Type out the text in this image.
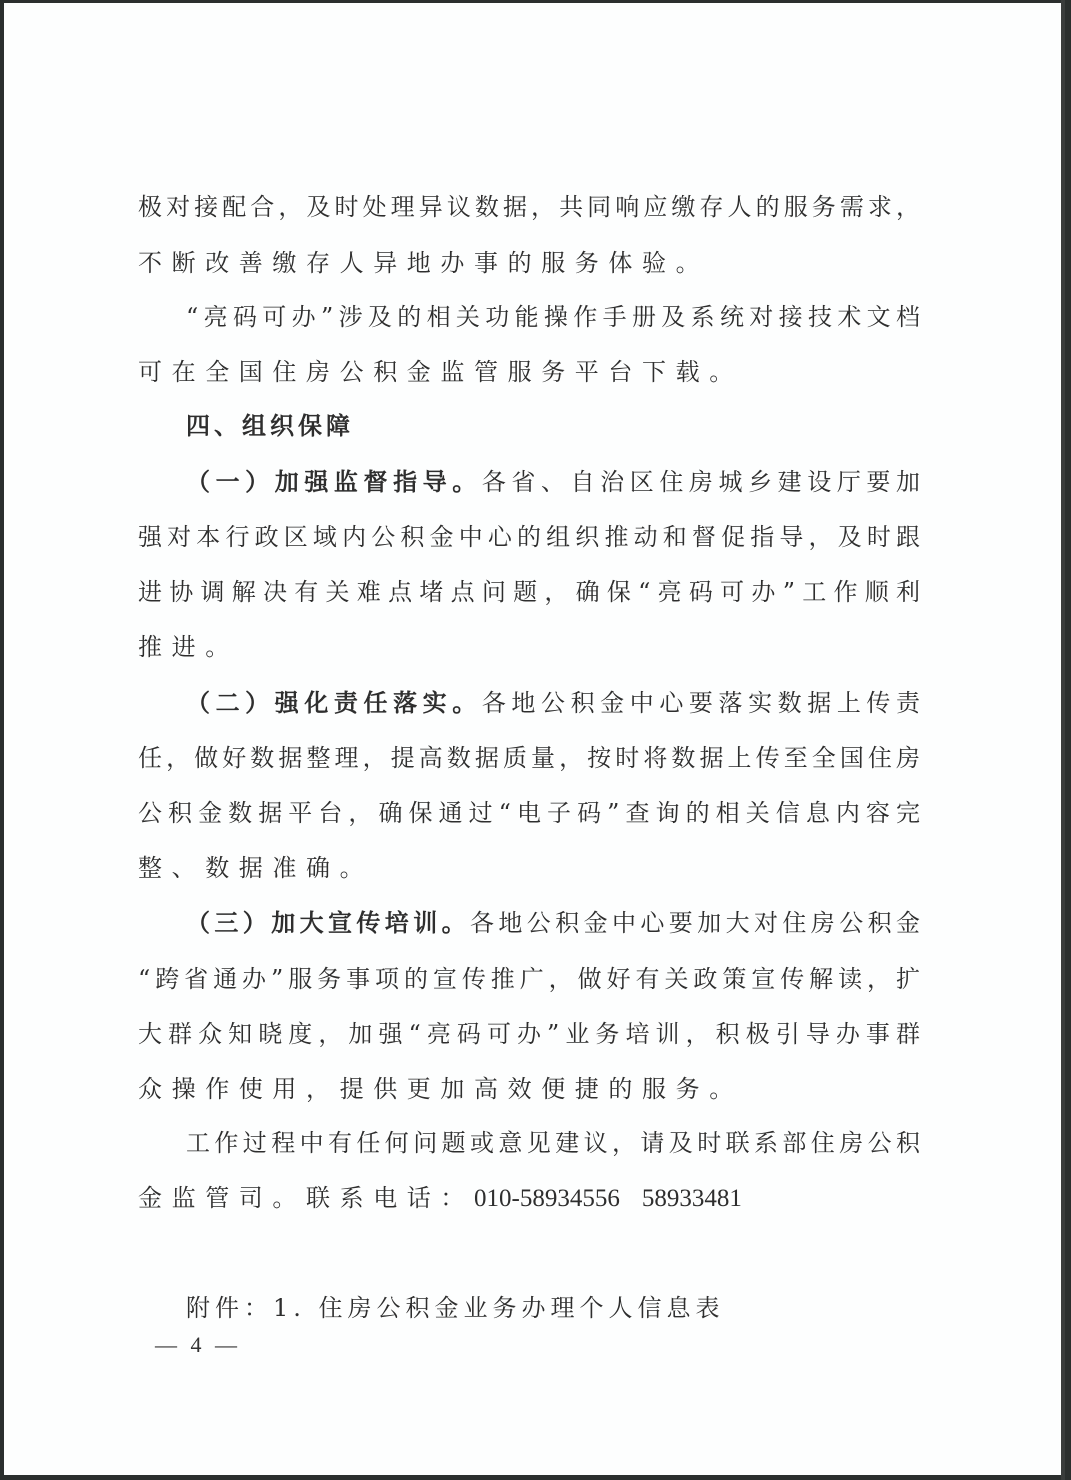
极对接配合，及时处理异议数据，共同响应缴存人的服务需求，
不断改善缴存人异地办事的服务体验。
“亮码可办”涉及的相关功能操作手册及系统对接技术文档
可在全国住房公积金监管服务平台下载。
四、组织保障
（一）加强监督指导。各省、自治区住房城乡建设厅要加
强对本行政区域内公积金中心的组织推动和督促指导，及时跟
进协调解决有关难点堵点问题，确保“亮码可办”工作顺利
推进。
（二）强化责任落实。各地公积金中心要落实数据上传责
任，做好数据整理，提高数据质量，按时将数据上传至全国住房
公积金数据平台，确保通过“电子码”查询的相关信息内容完
整、数据准确。
（三）加大宣传培训。各地公积金中心要加大对住房公积金
“跨省通办”服务事项的宣传推广，做好有关政策宣传解读，扩
大群众知晓度，加强“亮码可办”业务培训，积极引导办事群
众操作使用，提供更加高效便捷的服务。
工作过程中有任何问题或意见建议，请及时联系部住房公积
金监管司。联系电话：010-58934556 58933481
附件：1. 住房公积金业务办理个人信息表
— 4 —
